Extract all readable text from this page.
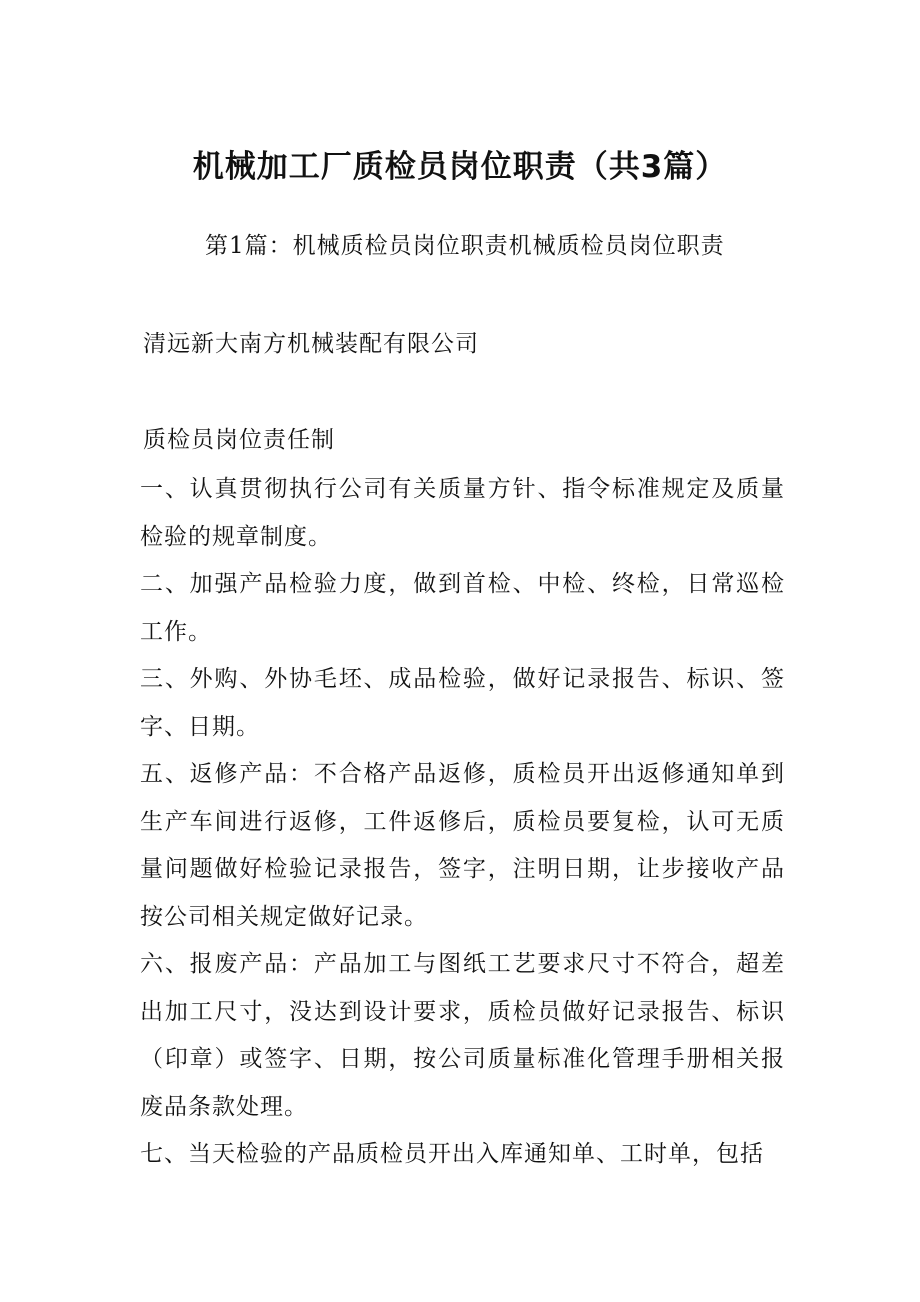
机械加工厂质检员岗位职责（共3篇）
第1篇：机械质检员岗位职责机械质检员岗位职责
清远新大南方机械装配有限公司
质检员岗位责任制
一、认真贯彻执行公司有关质量方针、指令标准规定及质量检验的规章制度。
二、加强产品检验力度，做到首检、中检、终检，日常巡检工作。
三、外购、外协毛坯、成品检验，做好记录报告、标识、签字、日期。
五、返修产品：不合格产品返修，质检员开出返修通知单到生产车间进行返修，工件返修后，质检员要复检，认可无质量问题做好检验记录报告，签字，注明日期，让步接收产品按公司相关规定做好记录。
六、报废产品：产品加工与图纸工艺要求尺寸不符合，超差出加工尺寸，没达到设计要求，质检员做好记录报告、标识（印章）或签字、日期，按公司质量标准化管理手册相关报废品条款处理。
七、当天检验的产品质检员开出入库通知单、工时单，包括
